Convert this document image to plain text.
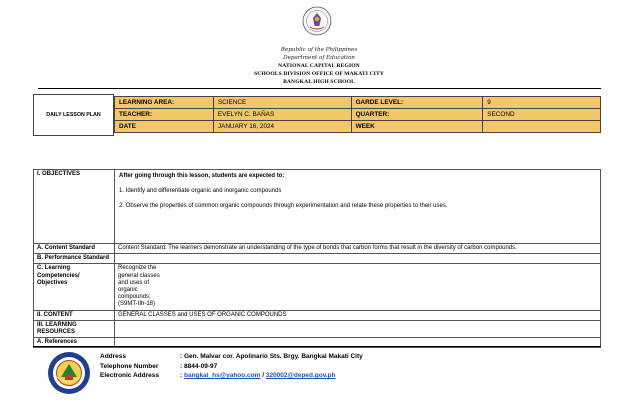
Republic of the Philippines
Department of Education
NATIONAL CAPITAL REGION
SCHOOLS DIVISION OFFICE OF MAKATI CITY
BANGKAL HIGH SCHOOL
DAILY LESSON PLAN
LEARNING AREA:	SCIENCE	GARDE LEVEL:	9
TEACHER:	EVELYN C. BAÑAS	QUARTER:	SECOND
DATE	JANUARY 16, 2024	WEEK	
I. OBJECTIVES	After going through this lesson, students are expected to:
1. Identify and differentiate organic and inorganic compounds
2. Observe the properties of common organic compounds through experimentation and relate these properties to their uses.

A. Content Standard	Content Standard: The learners demonstrate an understanding of the type of bonds that carbon forms that result in the diversity of carbon compounds.
B. Performance Standard	
C. Learning Competencies/ Objectives	Recognize the general classes and uses of organic compounds; (S9MT-IIh-18)
II. CONTENT	GENERAL CLASSES and USES OF ORGANIC COMPOUNDS
III. LEARNING RESOURCES	
A. References	
Address	: Gen. Malvar cor. Apolinario Sts. Brgy. Bangkal Makati City
Telephone Number	: 8844-09-97
Electronic Address	: bangkal_hs@yahoo.com / 320002@deped.gov.ph
